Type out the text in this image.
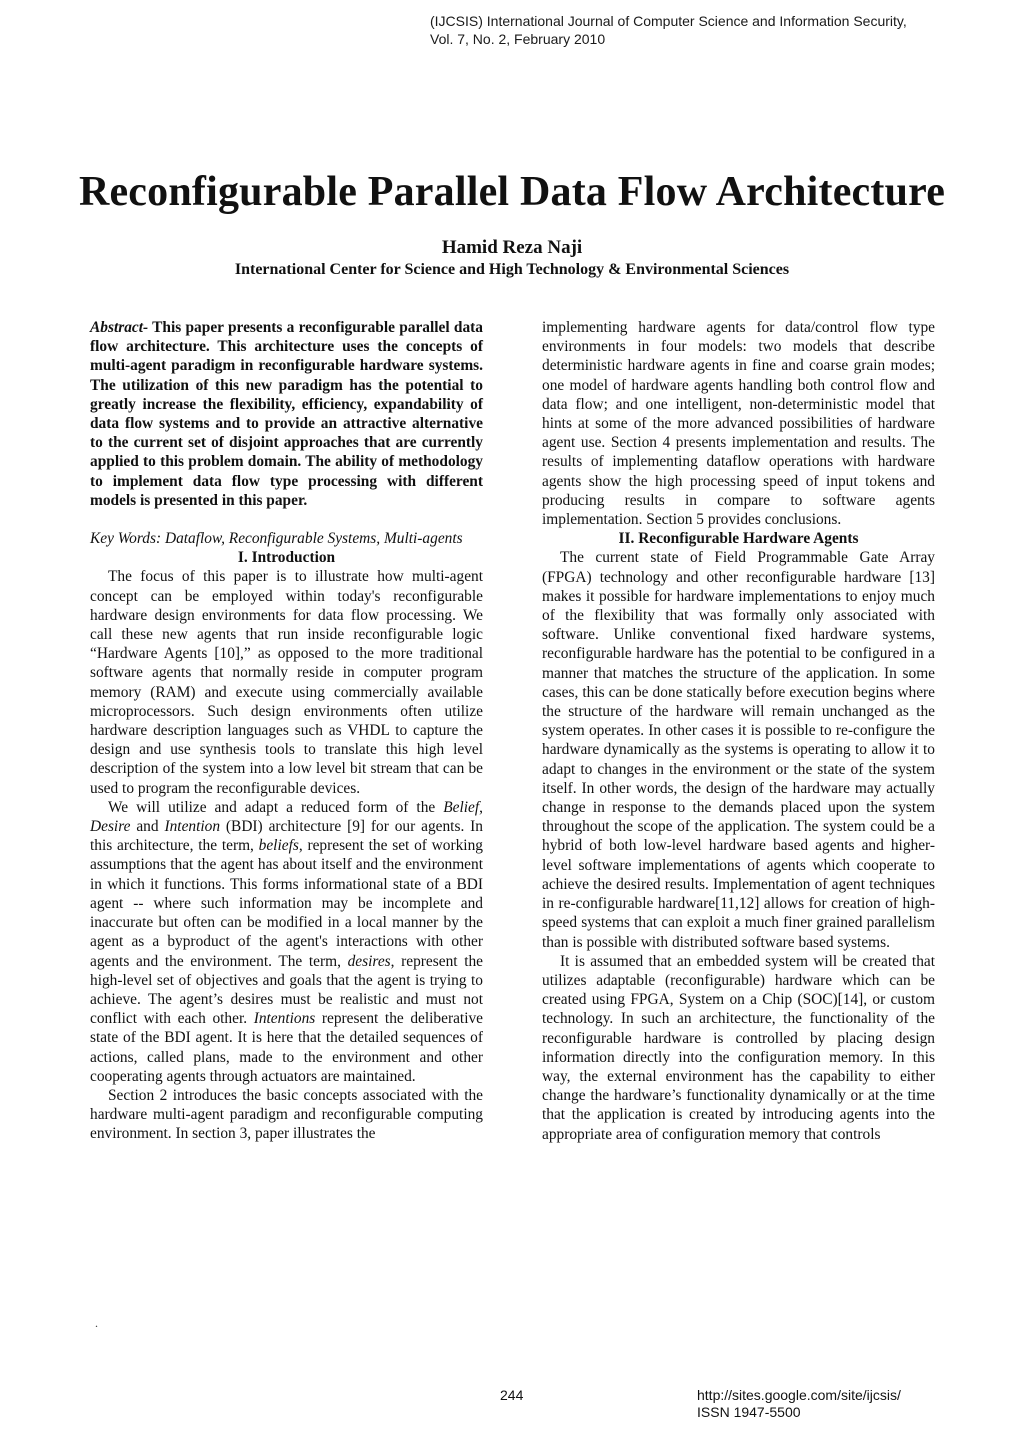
(IJCSIS) International Journal of Computer Science and Information Security,
Vol. 7, No. 2, February 2010
Reconfigurable Parallel Data Flow Architecture
Hamid Reza Naji
International Center for Science and High Technology & Environmental Sciences

Abstract- This paper presents a reconfigurable parallel data flow architecture. This architecture uses the concepts of multi-agent paradigm in reconfigurable hardware systems. The utilization of this new paradigm has the potential to greatly increase the flexibility, efficiency, expandability of data flow systems and to provide an attractive alternative to the current set of disjoint approaches that are currently applied to this problem domain. The ability of methodology to implement data flow type processing with different models is presented in this paper.

Key Words: Dataflow, Reconfigurable Systems, Multi-agents

I. Introduction

The focus of this paper is to illustrate how multi-agent concept can be employed within today's reconfigurable hardware design environments for data flow processing. We call these new agents that run inside reconfigurable logic “Hardware Agents [10],” as opposed to the more traditional software agents that normally reside in computer program memory (RAM) and execute using commercially available microprocessors. Such design environments often utilize hardware description languages such as VHDL to capture the design and use synthesis tools to translate this high level description of the system into a low level bit stream that can be used to program the reconfigurable devices.

We will utilize and adapt a reduced form of the Belief, Desire and Intention (BDI) architecture [9] for our agents. In this architecture, the term, beliefs, represent the set of working assumptions that the agent has about itself and the environment in which it functions. This forms informational state of a BDI agent -- where such information may be incomplete and inaccurate but often can be modified in a local manner by the agent as a byproduct of the agent's interactions with other agents and the environment. The term, desires, represent the high-level set of objectives and goals that the agent is trying to achieve. The agent’s desires must be realistic and must not conflict with each other. Intentions represent the deliberative state of the BDI agent. It is here that the detailed sequences of actions, called plans, made to the environment and other cooperating agents through actuators are maintained.

Section 2 introduces the basic concepts associated with the hardware multi-agent paradigm and reconfigurable computing environment. In section 3, paper illustrates the

implementing hardware agents for data/control flow type environments in four models: two models that describe deterministic hardware agents in fine and coarse grain modes; one model of hardware agents handling both control flow and data flow; and one intelligent, non-deterministic model that hints at some of the more advanced possibilities of hardware agent use. Section 4 presents implementation and results. The results of implementing dataflow operations with hardware agents show the high processing speed of input tokens and producing results in compare to software agents implementation. Section 5 provides conclusions.

II. Reconfigurable Hardware Agents

The current state of Field Programmable Gate Array (FPGA) technology and other reconfigurable hardware [13] makes it possible for hardware implementations to enjoy much of the flexibility that was formally only associated with software. Unlike conventional fixed hardware systems, reconfigurable hardware has the potential to be configured in a manner that matches the structure of the application. In some cases, this can be done statically before execution begins where the structure of the hardware will remain unchanged as the system operates. In other cases it is possible to re-configure the hardware dynamically as the systems is operating to allow it to adapt to changes in the environment or the state of the system itself. In other words, the design of the hardware may actually change in response to the demands placed upon the system throughout the scope of the application. The system could be a hybrid of both low-level hardware based agents and higher-level software implementations of agents which cooperate to achieve the desired results. Implementation of agent techniques in re-configurable hardware[11,12] allows for creation of high-speed systems that can exploit a much finer grained parallelism than is possible with distributed software based systems.

It is assumed that an embedded system will be created that utilizes adaptable (reconfigurable) hardware which can be created using FPGA, System on a Chip (SOC)[14], or custom technology. In such an architecture, the functionality of the reconfigurable hardware is controlled by placing design information directly into the configuration memory. In this way, the external environment has the capability to either change the hardware’s functionality dynamically or at the time that the application is created by introducing agents into the appropriate area of configuration memory that controls

.
244	http://sites.google.com/site/ijcsis/
ISSN 1947-5500
